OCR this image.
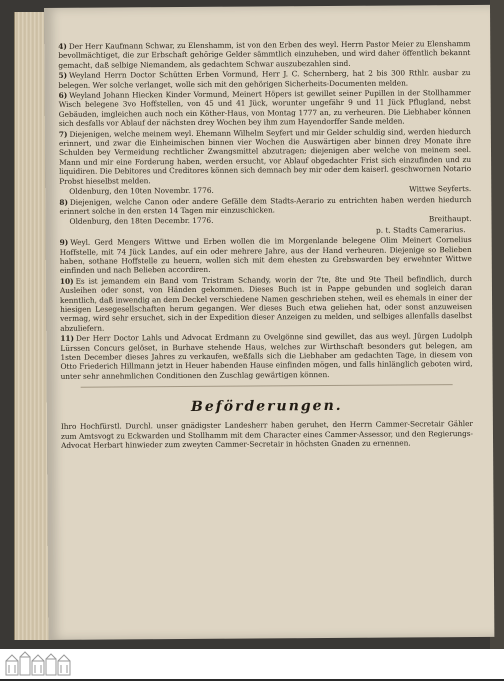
4) Der Herr Kaufmann Schwar, zu Elenshamm, ist von den Erben des weyl. Herrn Pastor Meier zu Elenshamm bevollmächtiget, die zur Erbschaft gehörige Gelder sämmtlich einzuheben, und wird daher öffentlich bekannt gemacht, daß selbige Niemandem, als gedachtem Schwar auszubezahlen sind.

5) Weyland Herrn Doctor Schütten Erben Vormund, Herr J. C. Schernberg, hat 2 bis 300 Rthlr. ausbar zu belegen. Wer solche verlanget, wolle sich mit den gehörigen Sicherheits-Documenten melden.

6) Weyland Johann Hiecken Kinder Vormund, Meinert Höpers ist gewillet seiner Pupillen in der Stollhammer Wisch belegene 3vo Hoffstellen, von 45 und 41 Jück, worunter ungefähr 9 und 11 Jück Pflugland, nebst Gebäuden, imgleichen auch noch ein Köther-Haus, von Montag 1777 an, zu verheuren. Die Liebhaber können sich desfalls vor Ablauf der nächsten drey Wochen bey ihm zum Hayendorffer Sande melden.

7) Diejenigen, welche meinem weyl. Ehemann Wilhelm Seyfert und mir Gelder schuldig sind, werden hiedurch erinnert, und zwar die Einheimischen binnen vier Wochen die Auswärtigen aber binnen drey Monate ihre Schulden bey Vermeidung rechtlicher Zwangsmittel abzutragen; diejenigen aber welche von meinem seel. Mann und mir eine Forderung haben, werden ersucht, vor Ablauf obgedachter Frist sich einzufinden und zu liquidiren. Die Debitores und Creditores können sich demnach bey mir oder dem kaiserl. geschwornen Notario Probst hieselbst melden.

Oldenburg, den 10ten Novembr. 1776.	Wittwe Seyferts.

8) Diejenigen, welche Canon oder andere Gefälle dem Stadts-Aerario zu entrichten haben werden hiedurch erinnert solche in den ersten 14 Tagen mir einzuschicken.

Oldenburg, den 18ten Decembr. 1776.	Breithaupt.
p. t. Stadts Camerarius.

9) Weyl. Gerd Mengers Wittwe und Erben wollen die im Morgenlande belegene Olim Meinert Cornelius Hoffstelle, mit 74 Jück Landes, auf ein oder mehrere Jahre, aus der Hand verheuren. Diejenige so Belieben haben, sothane Hoffstelle zu heuern, wollen sich mit dem ehesten zu Grebswarden bey erwehnter Wittwe einfinden und nach Belieben accordiren.

10) Es ist jemandem ein Band vom Tristram Schandy, worin der 7te, 8te und 9te Theil befindlich, durch Ausleihen oder sonst, von Händen gekommen. Dieses Buch ist in Pappe gebunden und sogleich daran kenntlich, daß inwendig an dem Deckel verschiedene Namen geschrieben stehen, weil es ehemals in einer der hiesigen Lesegesellschaften herum gegangen. Wer dieses Buch etwa geliehen hat, oder sonst anzuweisen vermag, wird sehr ersuchet, sich in der Expedition dieser Anzeigen zu melden, und selbiges allenfalls daselbst abzuliefern.

11) Der Herr Doctor Lahls und Advocat Erdmann zu Ovelgönne sind gewillet, das aus weyl. Jürgen Ludolph Lürssen Concurs gelöset, in Burhave stehende Haus, welches zur Wirthschaft besonders gut belegen, am 1sten December dieses Jahres zu verkaufen, weßfalls sich die Liebhaber am gedachten Tage, in diesem von Otto Friederich Hillmann jetzt in Heuer habenden Hause einfinden mögen, und falls hinlänglich geboten wird, unter sehr annehmlichen Conditionen den Zuschlag gewärtigen können.

Beförderungen.

Ihro Hochfürstl. Durchl. unser gnädigster Landesherr haben geruhet, den Herrn Cammer-Secretair Gähler zum Amtsvogt zu Eckwarden und Stollhamm mit dem Character eines Cammer-Assessor, und den Regierungs-Advocat Herbart hinwieder zum zweyten Cammer-Secretair in höchsten Gnaden zu ernennen.
